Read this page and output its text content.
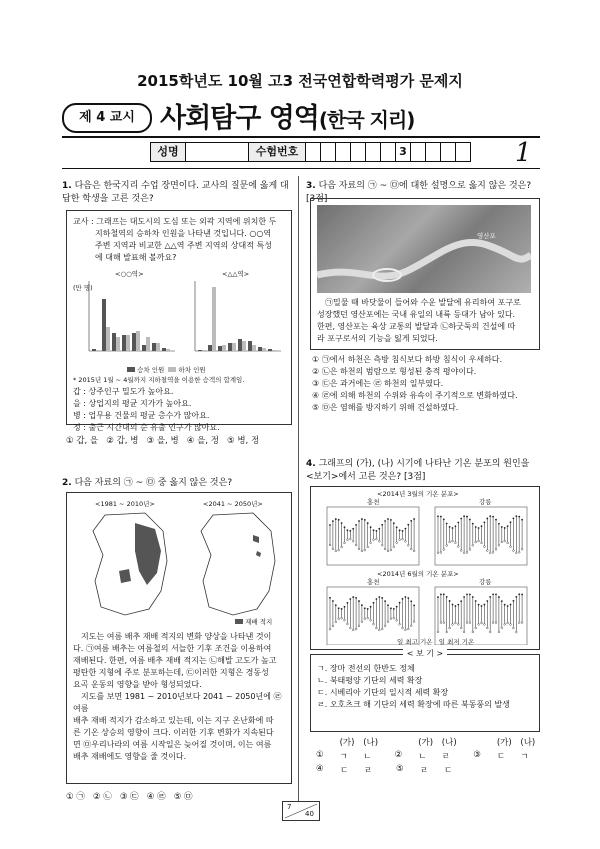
2015학년도 10월 고3 전국연합학력평가 문제지
제 4 교시 사회탐구 영역(한국 지리)
성명	수험번호	3	1
1. 다음은 한국지리 수업 장면이다. 교사의 질문에 옳게 대답한 학생을 고른 것은?
교사 : 그래프는 대도시의 도심 또는 외곽 지역에 위치한 두
지하철역의 승하차 인원을 나타낸 것입니다. ○○역
주변 지역과 비교한 △△역 주변 지역의 상대적 특성
에 대해 발표해 볼까요?
<○○역>	<△△역>
(만 명)
승차 인원 하차 인원
* 2015년 1월 ~ 4월까지 지하철역을 이용한 승객의 합계임.
갑 : 상주인구 밀도가 높아요.
을 : 상업지의 평균 지가가 높아요.
병 : 업무용 건물의 평균 층수가 많아요.
정 : 출근 시간대의 순 유출 인구가 많아요.
① 갑, 을   ② 갑, 병   ③ 을, 병   ④ 을, 정   ⑤ 병, 정
2. 다음 자료의 ㉠ ~ ㉤ 중 옳지 않은 것은?
<1981 ~ 2010년>	<2041 ~ 2050년>
재배 적지
지도는 여름 배추 재배 적지의 변화 양상을 나타낸 것이
다. ㉠여름 배추는 여름철의 서늘한 기후 조건을 이용하여
재배된다. 한편, 여름 배추 재배 적지는 ㉡해발 고도가 높고
평탄한 지형에 주로 분포하는데, ㉢이러한 지형은 경동성
요곡 운동의 영향을 받아 형성되었다.
지도를 보면 1981 ~ 2010년보다 2041 ~ 2050년에 ㉣여름
배추 재배 적지가 감소하고 있는데, 이는 지구 온난화에 따
른 기온 상승의 영향이 크다. 이러한 기후 변화가 지속된다
면 ㉤우리나라의 여름 시작일은 늦어질 것이며, 이는 여름
배추 재배에도 영향을 줄 것이다.
① ㉠   ② ㉡   ③ ㉢   ④ ㉣   ⑤ ㉤
3. 다음 자료의 ㉠ ~ ㉤에 대한 설명으로 옳지 않은 것은? [3점]
영산포
㉠밀물 때 바닷물이 들어와 수운 발달에 유리하여 포구로
성장했던 영산포에는 국내 유일의 내륙 등대가 남아 있다.
한편, 영산포는 육상 교통의 발달과 ㉡하굿둑의 건설에 따
라 포구로서의 기능을 잃게 되었다.
① ㉠에서 하천은 측방 침식보다 하방 침식이 우세하다.
② ㉡은 하천의 범람으로 형성된 충적 평야이다.
③ ㉢은 과거에는 ㉣ 하천의 일부였다.
④ ㉣에 의해 하천의 수위와 유속이 주기적으로 변화하였다.
⑤ ㉤은 염해를 방지하기 위해 건설하였다.
4. 그래프의 (가), (나) 시기에 나타난 기온 분포의 원인을 <보기>에서 고른 것은? [3점]
<2014년 3월의 기온 분포>
<2014년 6월의 기온 분포>
홍천	강릉
홍천	강릉
일 최고 기온 일 최저 기온
< 보 기 >
ㄱ. 장마 전선의 한반도 정체
ㄴ. 북태평양 기단의 세력 확장
ㄷ. 시베리아 기단의 일시적 세력 확장
ㄹ. 오호츠크 해 기단의 세력 확장에 따른 북동풍의 발생
(가)	(나)	(가)	(나)	(가)	(나)
①	ㄱ	ㄴ	②	ㄴ	ㄹ	③	ㄷ	ㄱ
④	ㄷ	ㄹ	⑤	ㄹ	ㄷ
7
40
